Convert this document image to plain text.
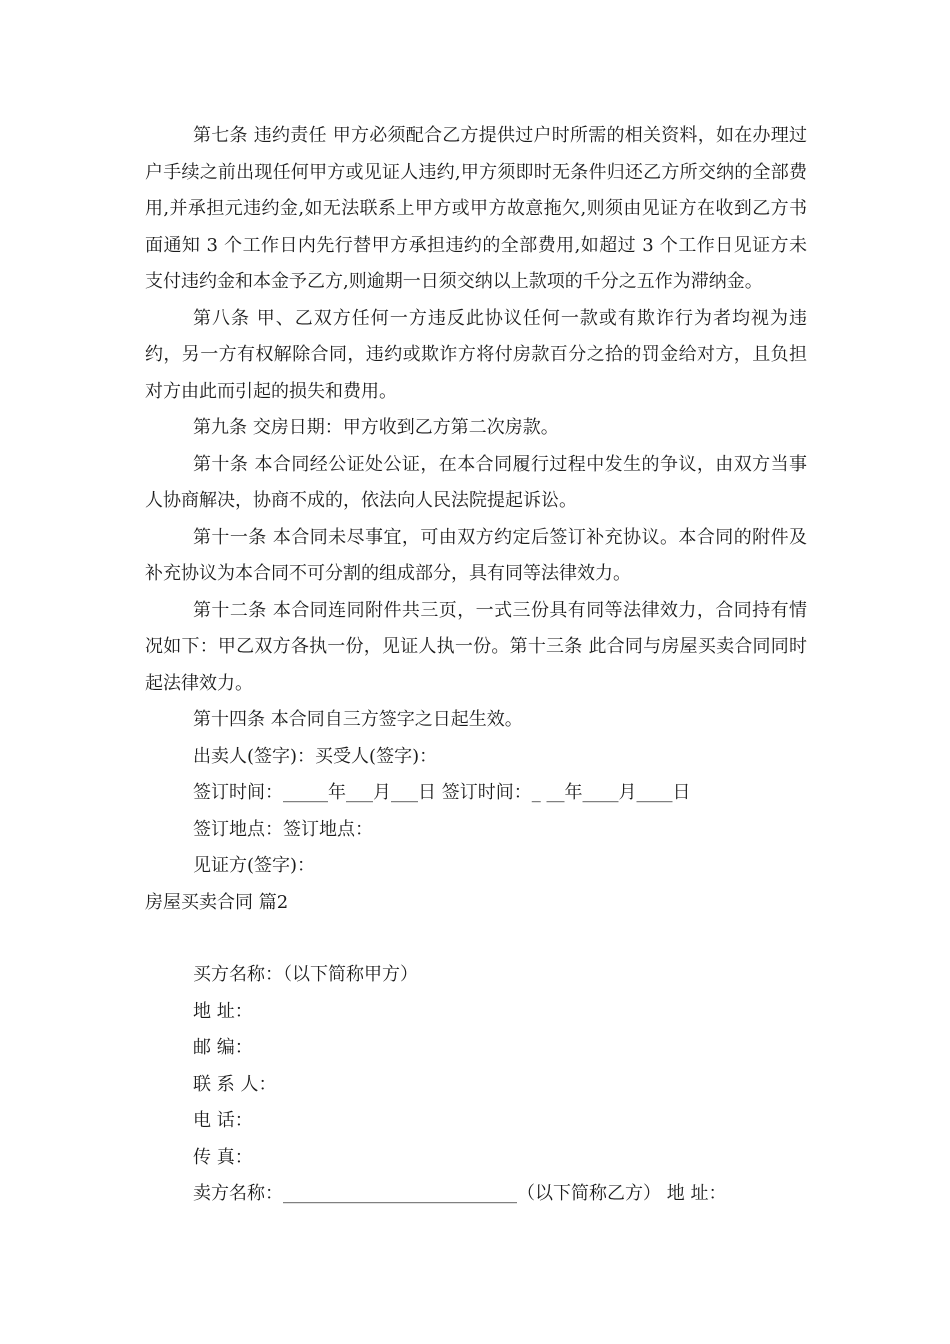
第七条 违约责任 甲方必须配合乙方提供过户时所需的相关资料，如在办理过户手续之前出现任何甲方或见证人违约,甲方须即时无条件归还乙方所交纳的全部费用,并承担元违约金,如无法联系上甲方或甲方故意拖欠,则须由见证方在收到乙方书面通知 3 个工作日内先行替甲方承担违约的全部费用,如超过 3 个工作日见证方未支付违约金和本金予乙方,则逾期一日须交纳以上款项的千分之五作为滞纳金。

第八条 甲、乙双方任何一方违反此协议任何一款或有欺诈行为者均视为违约，另一方有权解除合同，违约或欺诈方将付房款百分之拾的罚金给对方，且负担对方由此而引起的损失和费用。

第九条 交房日期：甲方收到乙方第二次房款。

第十条 本合同经公证处公证，在本合同履行过程中发生的争议，由双方当事人协商解决，协商不成的，依法向人民法院提起诉讼。

第十一条 本合同未尽事宜，可由双方约定后签订补充协议。本合同的附件及补充协议为本合同不可分割的组成部分，具有同等法律效力。

第十二条 本合同连同附件共三页，一式三份具有同等法律效力，合同持有情况如下：甲乙双方各执一份，见证人执一份。第十三条 此合同与房屋买卖合同同时起法律效力。

第十四条 本合同自三方签字之日起生效。

出卖人(签字)：买受人(签字)：

签订时间：_____年___月___日 签订时间：_ __年____月____日

签订地点：签订地点：

见证方(签字)：

房屋买卖合同 篇2

买方名称：（以下简称甲方）

地 址：

邮 编：

联 系 人：

电 话：

传 真：

卖方名称：__________________________（以下简称乙方） 地 址：
